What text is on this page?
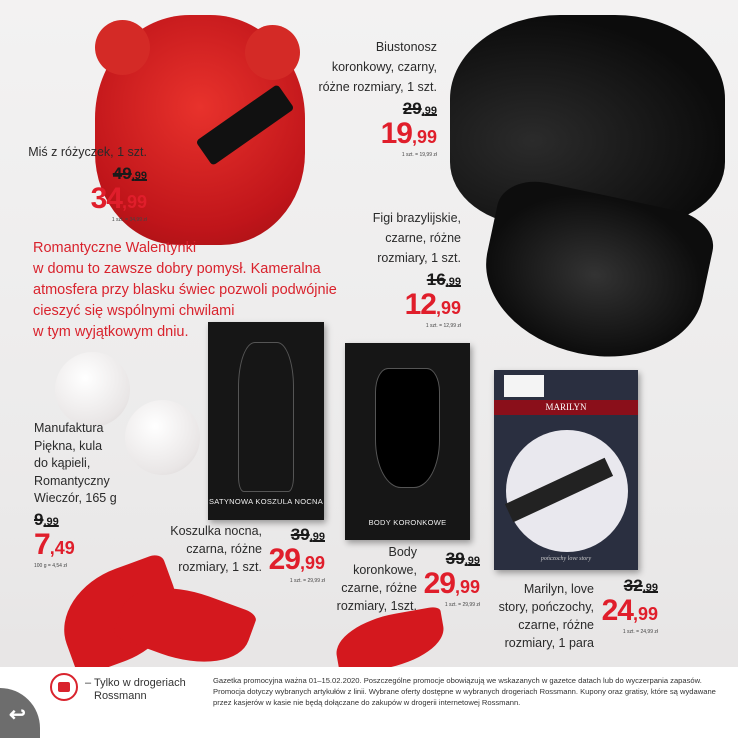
SATYNOWA KOSZULA NOCNA
BODY KORONKOWE
MARILYN
pończochy love story
Romantyczne Walentynki
w domu to zawsze dobry pomysł. Kameralna
atmosfera przy blasku świec pozwoli podwójnie
cieszyć się wspólnymi chwilami
w tym wyjątkowym dniu.
Miś z różyczek, 1 szt.
49,99
34,99
1 szt. = 34,99 zł
Biustonosz
koronkowy, czarny,
różne rozmiary, 1 szt.
29,99
19,99
1 szt. = 19,99 zł
Figi brazylijskie,
czarne, różne
rozmiary, 1 szt.
16,99
12,99
1 szt. = 12,99 zł
Manufaktura
Piękna, kula
do kąpieli,
Romantyczny
Wieczór, 165 g
9,99
7,49
100 g = 4,54 zł
Koszulka nocna,
czarna, różne
rozmiary, 1 szt.
39,99
29,99
1 szt. = 29,99 zł
Body
koronkowe,
czarne, różne
rozmiary, 1szt.
39,99
29,99
1 szt. = 29,99 zł
Marilyn, love
story, pończochy,
czarne, różne
rozmiary, 1 para
32,99
24,99
1 szt. = 24,99 zł
– Tylko w drogeriach
Rossmann
Gazetka promocyjna ważna 01–15.02.2020. Poszczególne promocje obowiązują we wskazanych w gazetce datach lub do wyczerpania zapasów. Promocja dotyczy wybranych artykułów z linii. Wybrane oferty dostępne w wybranych drogeriach Rossmann. Kupony oraz gratisy, które są wydawane przez kasjerów w kasie nie będą dołączane do zakupów w drogerii internetowej Rossmann.
↩
